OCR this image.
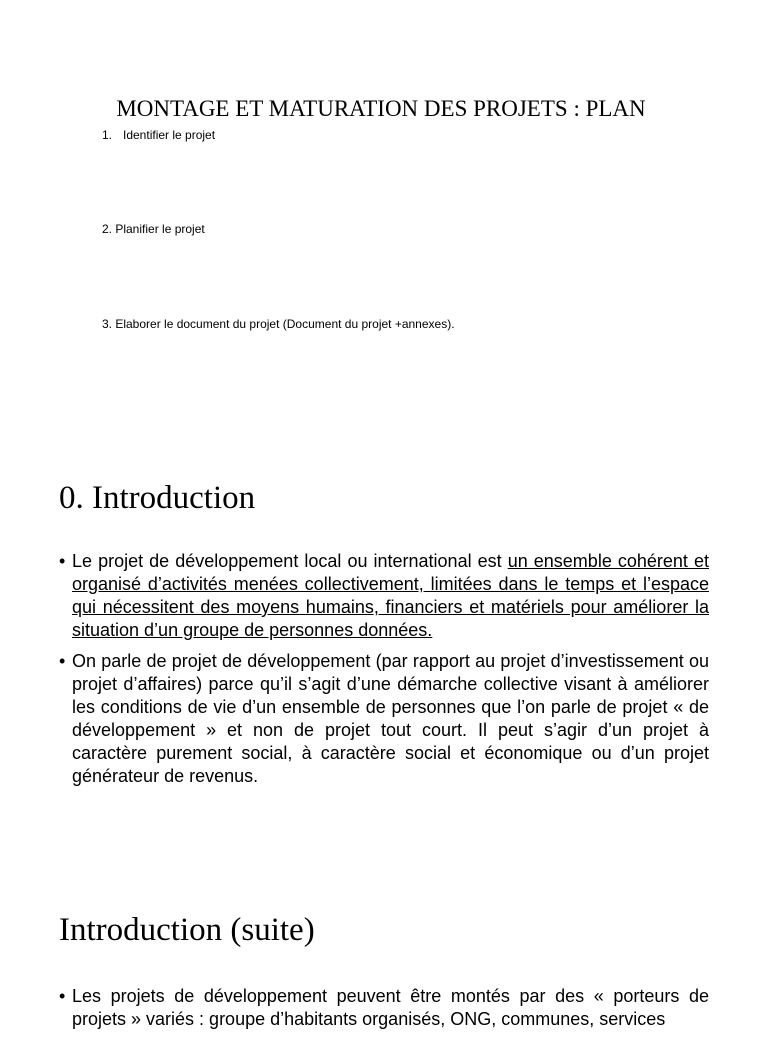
MONTAGE ET MATURATION DES PROJETS : PLAN
1. Identifier le projet
2. Planifier le projet
3. Elaborer le document du projet (Document du projet +annexes).
0. Introduction
• Le projet de développement local ou international est un ensemble cohérent et organisé d’activités menées collectivement, limitées dans le temps et l’espace qui nécessitent des moyens humains, financiers et matériels pour améliorer la situation d’un groupe de personnes données.
• On parle de projet de développement (par rapport au projet d’investissement ou projet d’affaires) parce qu’il s’agit d’une démarche collective visant à améliorer les conditions de vie d’un ensemble de personnes que l’on parle de projet « de développement » et non de projet tout court. Il peut s’agir d’un projet à caractère purement social, à caractère social et économique ou d’un projet générateur de revenus.
Introduction (suite)
• Les projets de développement peuvent être montés par des « porteurs de projets » variés : groupe d’habitants organisés, ONG, communes, services
